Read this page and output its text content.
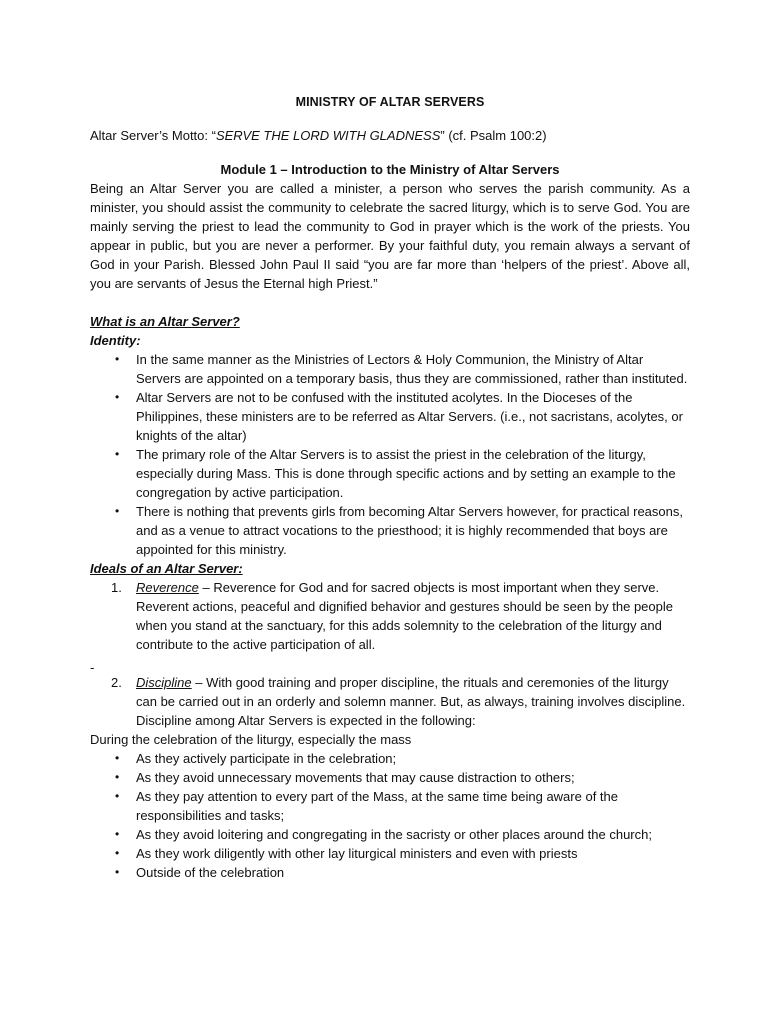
MINISTRY OF ALTAR SERVERS

Altar Server’s Motto: “SERVE THE LORD WITH GLADNESS” (cf. Psalm 100:2)

Module 1 – Introduction to the Ministry of Altar Servers

Being an Altar Server you are called a minister, a person who serves the parish community. As a minister, you should assist the community to celebrate the sacred liturgy, which is to serve God. You are mainly serving the priest to lead the community to God in prayer which is the work of the priests. You appear in public, but you are never a performer. By your faithful duty, you remain always a servant of God in your Parish. Blessed John Paul II said “you are far more than ‘helpers of the priest’. Above all, you are servants of Jesus the Eternal high Priest.”

What is an Altar Server?

Identity:

• In the same manner as the Ministries of Lectors & Holy Communion, the Ministry of Altar Servers are appointed on a temporary basis, thus they are commissioned, rather than instituted.
• Altar Servers are not to be confused with the instituted acolytes. In the Dioceses of the Philippines, these ministers are to be referred as Altar Servers. (i.e., not sacristans, acolytes, or knights of the altar)
• The primary role of the Altar Servers is to assist the priest in the celebration of the liturgy, especially during Mass. This is done through specific actions and by setting an example to the congregation by active participation.
• There is nothing that prevents girls from becoming Altar Servers however, for practical reasons, and as a venue to attract vocations to the priesthood; it is highly recommended that boys are appointed for this ministry.

Ideals of an Altar Server:

1. Reverence – Reverence for God and for sacred objects is most important when they serve. Reverent actions, peaceful and dignified behavior and gestures should be seen by the people when you stand at the sanctuary, for this adds solemnity to the celebration of the liturgy and contribute to the active participation of all.
-
2. Discipline – With good training and proper discipline, the rituals and ceremonies of the liturgy can be carried out in an orderly and solemn manner. But, as always, training involves discipline. Discipline among Altar Servers is expected in the following:

During the celebration of the liturgy, especially the mass

• As they actively participate in the celebration;
• As they avoid unnecessary movements that may cause distraction to others;
• As they pay attention to every part of the Mass, at the same time being aware of the responsibilities and tasks;
• As they avoid loitering and congregating in the sacristy or other places around the church;
• As they work diligently with other lay liturgical ministers and even with priests
• Outside of the celebration
